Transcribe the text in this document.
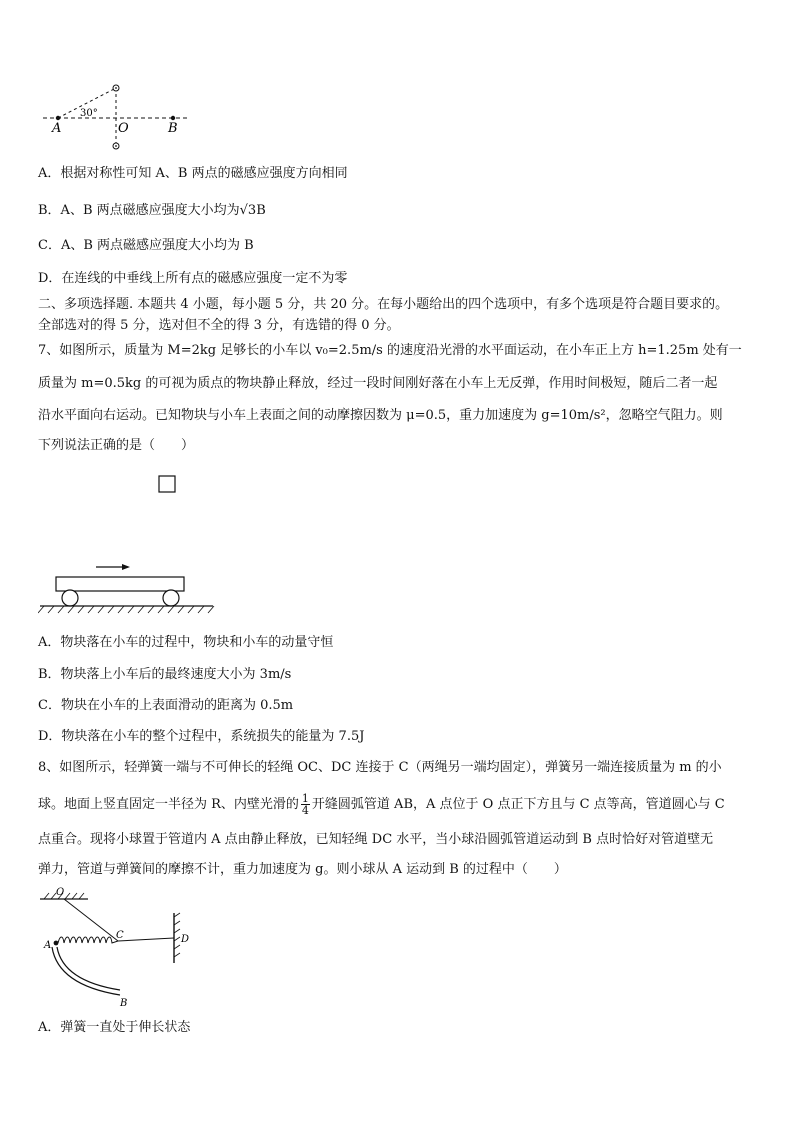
30°
A	O	B
A．根据对称性可知 A、B 两点的磁感应强度方向相同
B．A、B 两点磁感应强度大小均为√3B
C．A、B 两点磁感应强度大小均为 B
D．在连线的中垂线上所有点的磁感应强度一定不为零
二、多项选择题. 本题共 4 小题，每小题 5 分，共 20 分。在每小题给出的四个选项中，有多个选项是符合题目要求的。
全部选对的得 5 分，选对但不全的得 3 分，有选错的得 0 分。
7、如图所示，质量为 M=2kg 足够长的小车以 v₀=2.5m/s 的速度沿光滑的水平面运动，在小车正上方 h=1.25m 处有一
质量为 m=0.5kg 的可视为质点的物块静止释放，经过一段时间刚好落在小车上无反弹，作用时间极短，随后二者一起
沿水平面向右运动。已知物块与小车上表面之间的动摩擦因数为 μ=0.5，重力加速度为 g=10m/s²，忽略空气阻力。则
下列说法正确的是（　　）
A．物块落在小车的过程中，物块和小车的动量守恒
B．物块落上小车后的最终速度大小为 3m/s
C．物块在小车的上表面滑动的距离为 0.5m
D．物块落在小车的整个过程中，系统损失的能量为 7.5J
8、如图所示，轻弹簧一端与不可伸长的轻绳 OC、DC 连接于 C（两绳另一端均固定），弹簧另一端连接质量为 m 的小
球。地面上竖直固定一半径为 R、内壁光滑的 $\frac{1}{4}$ 开缝圆弧管道 AB，A 点位于 O 点正下方且与 C 点等高，管道圆心与 C
点重合。现将小球置于管道内 A 点由静止释放，已知轻绳 DC 水平，当小球沿圆弧管道运动到 B 点时恰好对管道壁无
弹力，管道与弹簧间的摩擦不计，重力加速度为 g。则小球从 A 运动到 B 的过程中（　　）
O
D
C
A
B
A．弹簧一直处于伸长状态
